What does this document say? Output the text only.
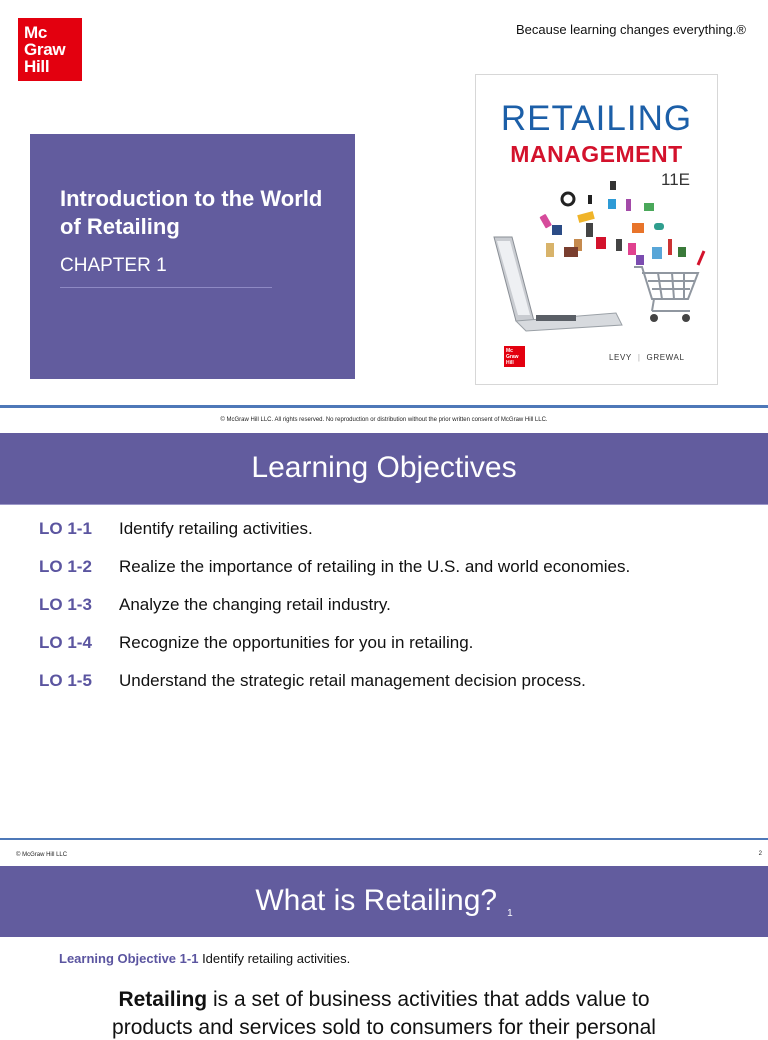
Mc
Graw
Hill
Because learning changes everything.®
Introduction to the World of Retailing
CHAPTER 1
RETAILING
MANAGEMENT
11E
Mc Graw Hill
LEVY | GREWAL
© McGraw Hill LLC. All rights reserved. No reproduction or distribution without the prior written consent of McGraw Hill LLC.
Learning Objectives
LO 1-1 Identify retailing activities.
LO 1-2 Realize the importance of retailing in the U.S. and world economies.
LO 1-3 Analyze the changing retail industry.
LO 1-4 Recognize the opportunities for you in retailing.
LO 1-5 Understand the strategic retail management decision process.
© McGraw Hill LLC	2
What is Retailing? $^1$
Learning Objective 1-1 Identify retailing activities.
Retailing is a set of business activities that adds value to
products and services sold to consumers for their personal
